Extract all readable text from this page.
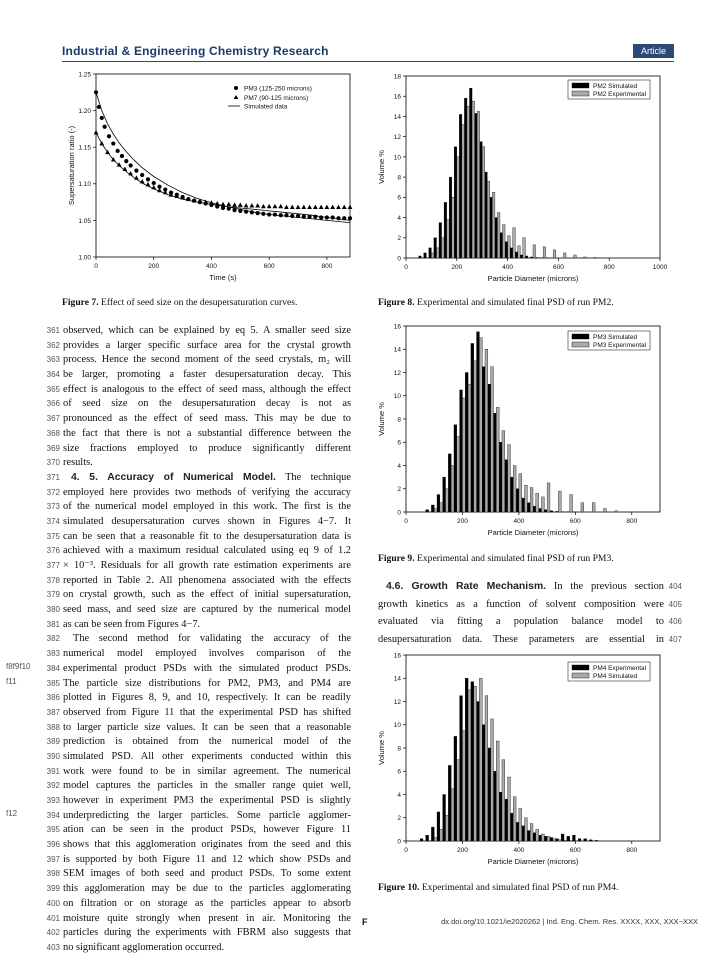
Industrial & Engineering Chemistry Research	Article
1.00
1.05
1.10
1.15
1.20
1.25
0	200	400	600	800
Time (s)
Supersaturation ratio (-)
PM3 (125-250 microns)
PM7 (90-125 microns)
Simulated data
Figure 7. Effect of seed size on the desupersaturation curves.
0
2
4
6
8
10
12
14
16
18
0	200	400	600	800	1000
Particle Diameter (microns)
Volume %
PM2 Simulated
PM2 Experimental
Figure 8. Experimental and simulated final PSD of run PM2.
0
2
4
6
8
10
12
14
16
0	200	400	600	800
Particle Diameter (microns)
Volume %
PM3 Simulated
PM3 Experimental
Figure 9. Experimental and simulated final PSD of run PM3.
4.6. Growth Rate Mechanism. In the previous section 404
growth kinetics as a function of solvent composition were 405
evaluated via fitting a population balance model to 406
desupersaturation data. These parameters are essential in 407
0
2
4
6
8
10
12
14
16
0	200	400	600	800
Particle Diameter (microns)
Volume %
PM4 Experimental
PM4 Simulated
Figure 10. Experimental and simulated final PSD of run PM4.
361 observed, which can be explained by eq 5. A smaller seed size
362 provides a larger specific surface area for the crystal growth
363 process. Hence the second moment of the seed crystals, m₂ will
364 be larger, promoting a faster desupersaturation decay. This
365 effect is analogous to the effect of seed mass, although the effect
366 of seed size on the desupersaturation decay is not as
367 pronounced as the effect of seed mass. This may be due to
368 the fact that there is not a substantial difference between the
369 size fractions employed to produce significantly different
370 results.
371	4. 5. Accuracy of Numerical Model. The technique
372 employed here provides two methods of verifying the accuracy
373 of the numerical model employed in this work. The first is the
374 simulated desupersaturation curves shown in Figures 4−7. It
375 can be seen that a reasonable fit to the desupersaturation data is
376 achieved with a maximum residual calculated using eq 9 of 1.2
377 × 10⁻³. Residuals for all growth rate estimation experiments are
378 reported in Table 2. All phenomena associated with the effects
379 on crystal growth, such as the effect of initial supersaturation,
380 seed mass, and seed size are captured by the numerical model
381 as can be seen from Figures 4−7.
382	The second method for validating the accuracy of the
383 numerical model employed involves comparison of the
384 experimental product PSDs with the simulated product PSDs.
385 The particle size distributions for PM2, PM3, and PM4 are
386 plotted in Figures 8, 9, and 10, respectively. It can be readily
387 observed from Figure 11 that the experimental PSD has shifted
388 to larger particle size values. It can be seen that a reasonable
389 prediction is obtained from the numerical model of the
390 simulated PSD. All other experiments conducted within this
391 work were found to be in similar agreement. The numerical
392 model captures the particles in the smaller range quiet well,
393 however in experiment PM3 the experimental PSD is slightly
394 underpredicting the larger particles. Some particle agglomer-
395 ation can be seen in the product PSDs, however Figure 11
396 shows that this agglomeration originates from the seed and this
397 is supported by both Figure 11 and 12 which show PSDs and
398 SEM images of both seed and product PSDs. To some extent
399 this agglomeration may be due to the particles agglomerating
400 on filtration or on storage as the particles appear to absorb
401 moisture quite strongly when present in air. Monitoring the
402 particles during the experiments with FBRM also suggests that
403 no significant agglomeration occurred.
f8f9f10
f11
f12
F	dx.doi.org/10.1021/ie2020262 | Ind. Eng. Chem. Res. XXXX, XXX, XXX−XXX
